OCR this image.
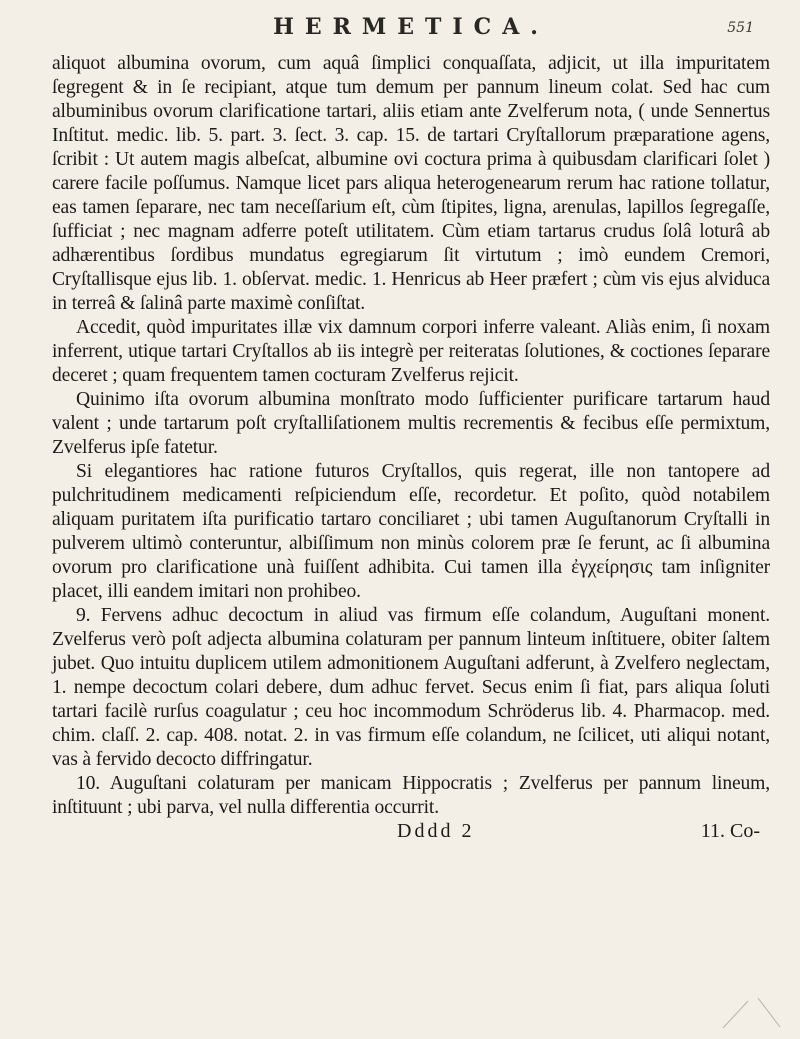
HERMETICA.	551

aliquot albumina ovorum, cum aquâ ſimplici conquaſſata, adjicit, ut illa impuritatem ſegregent & in ſe recipiant, atque tum demum per pannum lineum colat. Sed hac cum albuminibus ovorum clarificatione tartari, aliis etiam ante Zvelferum nota, ( unde Sennertus Inſtitut. medic. lib. 5. part. 3. ſect. 3. cap. 15. de tartari Cryſtallorum præparatione agens, ſcribit : Ut autem magis albeſcat, albumine ovi coctura prima à quibusdam clarificari ſolet ) carere facile poſſumus. Namque licet pars aliqua heterogenearum rerum hac ratione tollatur, eas tamen ſeparare, nec tam neceſſarium eſt, cùm ſtipites, ligna, arenulas, lapillos ſegregaſſe, ſufficiat ; nec magnam adferre poteſt utilitatem. Cùm etiam tartarus crudus ſolâ loturâ ab adhærentibus ſordibus mundatus egregiarum ſit virtutum ; imò eundem Cremori, Cryſtallisque ejus lib. 1. obſervat. medic. 1. Henricus ab Heer præfert ; cùm vis ejus alviduca in terreâ & ſalinâ parte maximè conſiſtat.

Accedit, quòd impuritates illæ vix damnum corpori inferre valeant. Aliàs enim, ſi noxam inferrent, utique tartari Cryſtallos ab iis integrè per reiteratas ſolutiones, & coctiones ſeparare deceret ; quam frequentem tamen cocturam Zvelferus rejicit.

Quinimo iſta ovorum albumina monſtrato modo ſufficienter purificare tartarum haud valent ; unde tartarum poſt cryſtalliſationem multis recrementis & fecibus eſſe permixtum, Zvelferus ipſe fatetur.

Si elegantiores hac ratione futuros Cryſtallos, quis regerat, ille non tantopere ad pulchritudinem medicamenti reſpiciendum eſſe, recordetur. Et poſito, quòd notabilem aliquam puritatem iſta purificatio tartaro conciliaret ; ubi tamen Auguſtanorum Cryſtalli in pulverem ultimò conteruntur, albiſſimum non minùs colorem præ ſe ferunt, ac ſi albumina ovorum pro clarificatione unà fuiſſent adhibita. Cui tamen illa ἐγχείρησις tam inſigniter placet, illi eandem imitari non prohibeo.

9. Fervens adhuc decoctum in aliud vas firmum eſſe colandum, Auguſtani monent. Zvelferus verò poſt adjecta albumina colaturam per pannum linteum inſtituere, obiter ſaltem jubet. Quo intuitu duplicem utilem admonitionem Auguſtani adferunt, à Zvelfero neglectam, 1. nempe decoctum colari debere, dum adhuc fervet. Secus enim ſi fiat, pars aliqua ſoluti tartari facilè rurſus coagulatur ; ceu hoc incommodum Schröderus lib. 4. Pharmacop. med. chim. claſſ. 2. cap. 408. notat. 2. in vas firmum eſſe colandum, ne ſcilicet, uti aliqui notant, vas à fervido decocto diffringatur.

10. Auguſtani colaturam per manicam Hippocratis ; Zvelferus per pannum lineum, inſtituunt ; ubi parva, vel nulla differentia occurrit.

Dddd 2	11. Co-
